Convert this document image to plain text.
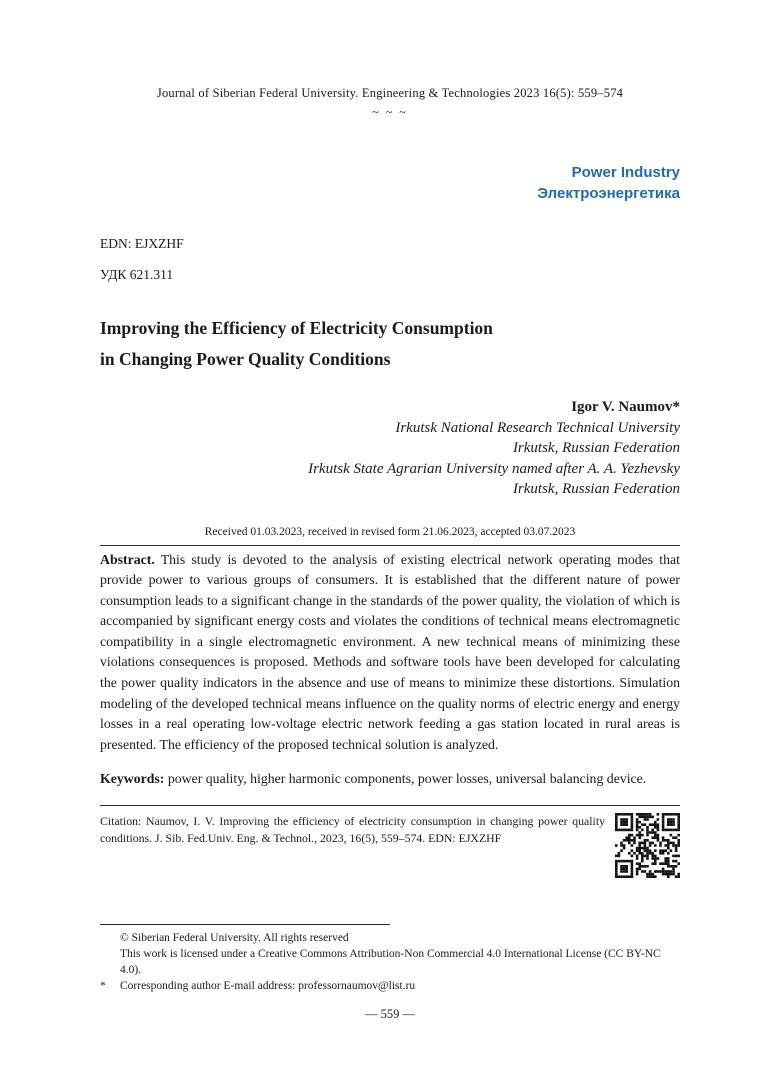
Journal of Siberian Federal University. Engineering & Technologies 2023 16(5): 559–574
~ ~ ~
Power Industry
Электроэнергетика
EDN: EJXZHF
УДК 621.311
Improving the Efficiency of Electricity Consumption
in Changing Power Quality Conditions
Igor V. Naumov*
Irkutsk National Research Technical University
Irkutsk, Russian Federation
Irkutsk State Agrarian University named after A. A. Yezhevsky
Irkutsk, Russian Federation
Received 01.03.2023, received in revised form 21.06.2023, accepted 03.07.2023

Abstract. This study is devoted to the analysis of existing electrical network operating modes that provide power to various groups of consumers. It is established that the different nature of power consumption leads to a significant change in the standards of the power quality, the violation of which is accompanied by significant energy costs and violates the conditions of technical means electromagnetic compatibility in a single electromagnetic environment. A new technical means of minimizing these violations consequences is proposed. Methods and software tools have been developed for calculating the power quality indicators in the absence and use of means to minimize these distortions. Simulation modeling of the developed technical means influence on the quality norms of electric energy and energy losses in a real operating low-voltage electric network feeding a gas station located in rural areas is presented. The efficiency of the proposed technical solution is analyzed.

Keywords: power quality, higher harmonic components, power losses, universal balancing device.

Citation: Naumov, I. V. Improving the efficiency of electricity consumption in changing power quality conditions. J. Sib. Fed.Univ. Eng. & Technol., 2023, 16(5), 559–574. EDN: EJXZHF

© Siberian Federal University. All rights reserved
This work is licensed under a Creative Commons Attribution-Non Commercial 4.0 International License (CC BY-NC 4.0).
*	Corresponding author E-mail address: professornaumov@list.ru
— 559 —
